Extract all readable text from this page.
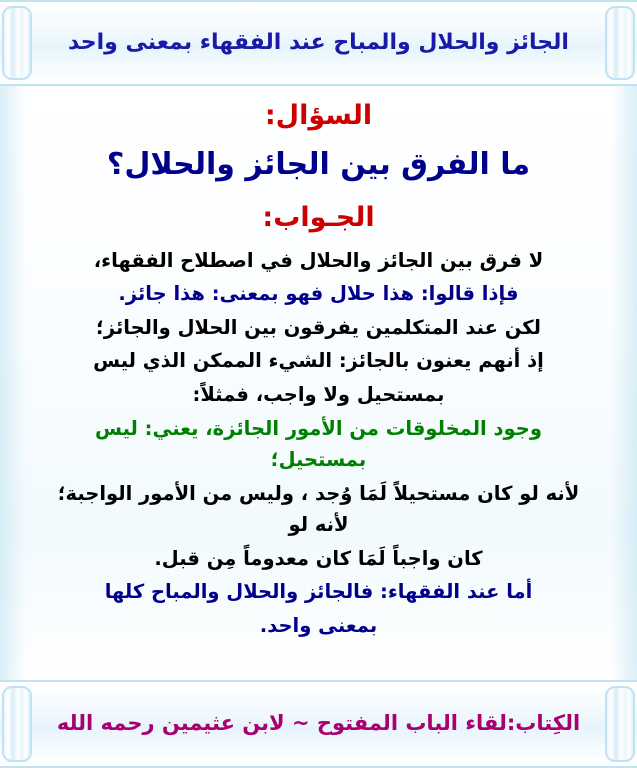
الجائز والحلال والمباح عند الفقهاء بمعنى واحد
السؤال:
ما الفرق بين الجائز والحلال؟
الجـواب:

لا فرق بين الجائز والحلال في اصطلاح الفقهاء،

فإذا قالوا: هذا حلال فهو بمعنى: هذا جائز.

لكن عند المتكلمين يفرقون بين الحلال والجائز؛

إذ أنهم يعنون بالجائز: الشيء الممكن الذي ليس

بمستحيل ولا واجب، فمثلاً:

وجود المخلوقات من الأمور الجائزة، يعني: ليس بمستحيل؛

لأنه لو كان مستحيلاً لَمَا وُجد ، وليس من الأمور الواجبة؛ لأنه لو

كان واجباً لَمَا كان معدوماً مِن قبل.

أما عند الفقهاء: فالجائز والحلال والمباح كلها

بمعنى واحد.

الكِتاب:لقاء الباب المفتوح ~ لابن عثيمين رحمه الله
